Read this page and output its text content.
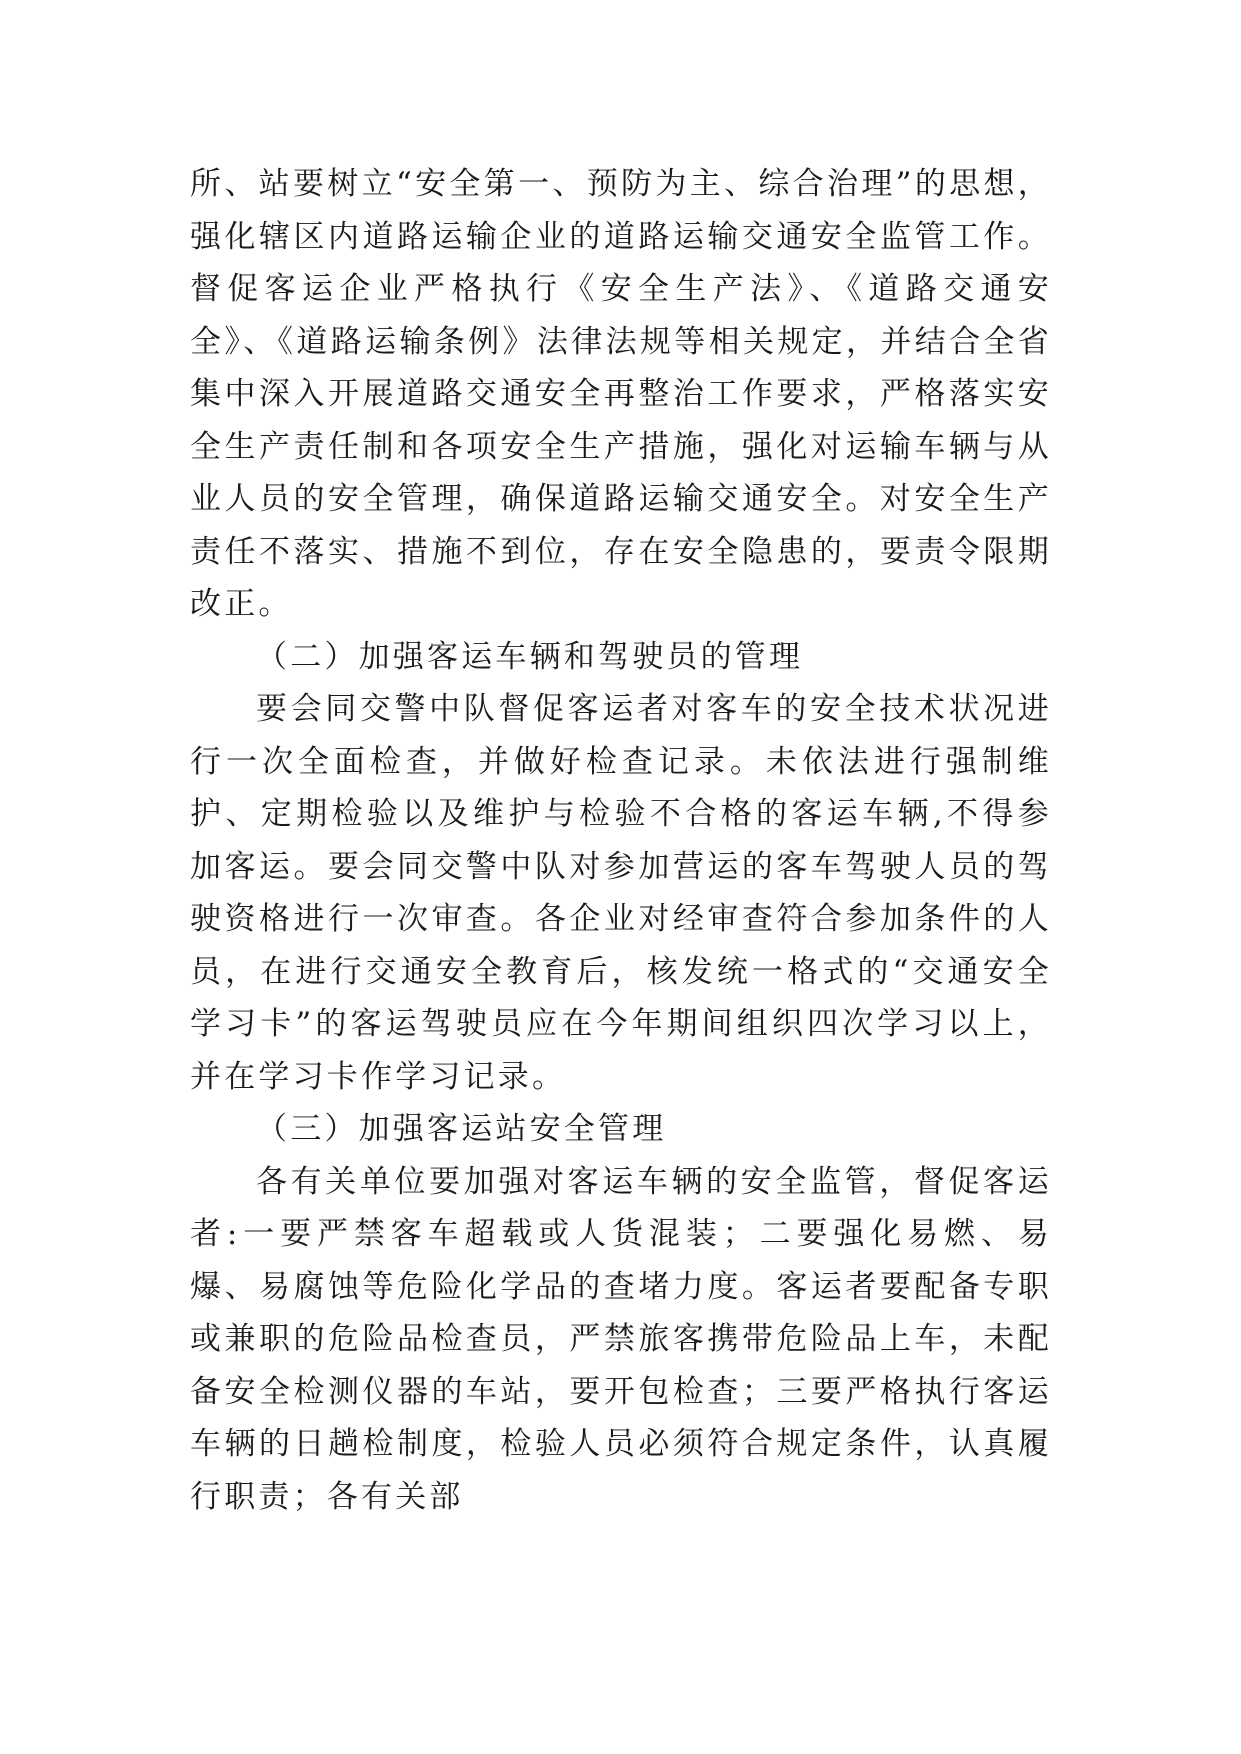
所、站要树立“安全第一、预防为主、综合治理”的思想，强化辖区内道路运输企业的道路运输交通安全监管工作。督促客运企业严格执行《安全生产法》、《道路交通安全》、《道路运输条例》法律法规等相关规定，并结合全省集中深入开展道路交通安全再整治工作要求，严格落实安全生产责任制和各项安全生产措施，强化对运输车辆与从业人员的安全管理，确保道路运输交通安全。对安全生产责任不落实、措施不到位，存在安全隐患的，要责令限期改正。

（二）加强客运车辆和驾驶员的管理

要会同交警中队督促客运者对客车的安全技术状况进行一次全面检查，并做好检查记录。未依法进行强制维护、定期检验以及维护与检验不合格的客运车辆,不得参加客运。要会同交警中队对参加营运的客车驾驶人员的驾驶资格进行一次审查。各企业对经审查符合参加条件的人员，在进行交通安全教育后，核发统一格式的“交通安全学习卡”的客运驾驶员应在今年期间组织四次学习以上，并在学习卡作学习记录。

（三）加强客运站安全管理

各有关单位要加强对客运车辆的安全监管，督促客运者:一要严禁客车超载或人货混装；二要强化易燃、易爆、易腐蚀等危险化学品的查堵力度。客运者要配备专职或兼职的危险品检查员，严禁旅客携带危险品上车，未配备安全检测仪器的车站，要开包检查；三要严格执行客运车辆的日趟检制度，检验人员必须符合规定条件，认真履行职责；各有关部
